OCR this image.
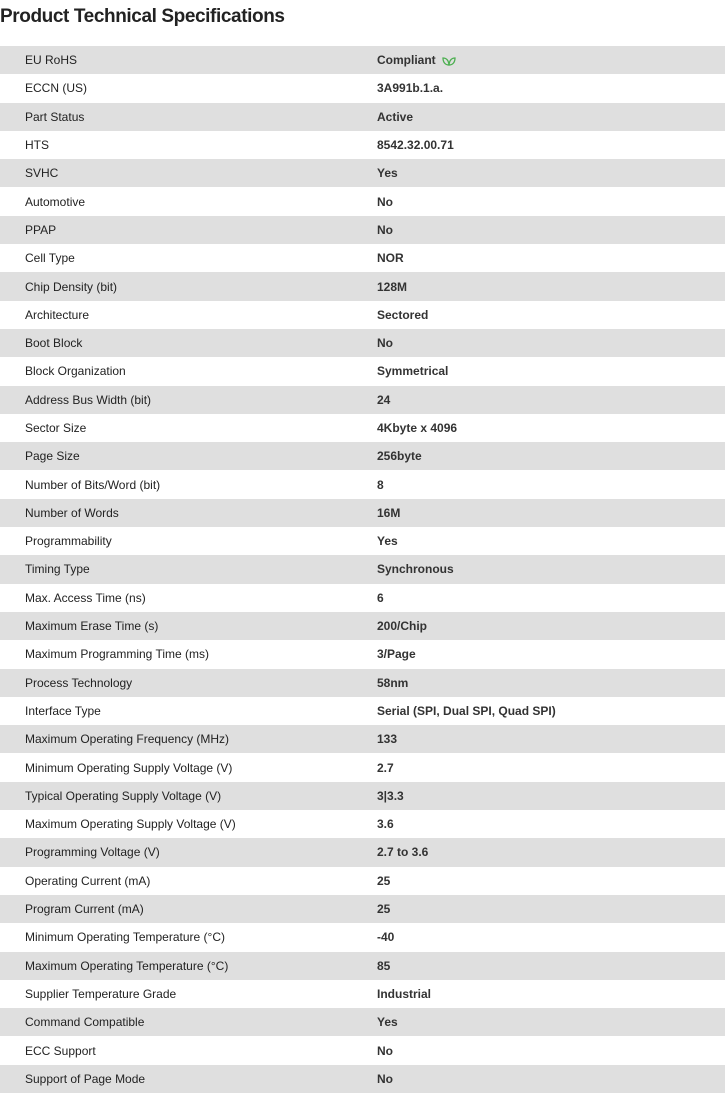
Product Technical Specifications
EU RoHS	Compliant
ECCN (US)	3A991b.1.a.
Part Status	Active
HTS	8542.32.00.71
SVHC	Yes
Automotive	No
PPAP	No
Cell Type	NOR
Chip Density (bit)	128M
Architecture	Sectored
Boot Block	No
Block Organization	Symmetrical
Address Bus Width (bit)	24
Sector Size	4Kbyte x 4096
Page Size	256byte
Number of Bits/Word (bit)	8
Number of Words	16M
Programmability	Yes
Timing Type	Synchronous
Max. Access Time (ns)	6
Maximum Erase Time (s)	200/Chip
Maximum Programming Time (ms)	3/Page
Process Technology	58nm
Interface Type	Serial (SPI, Dual SPI, Quad SPI)
Maximum Operating Frequency (MHz)	133
Minimum Operating Supply Voltage (V)	2.7
Typical Operating Supply Voltage (V)	3|3.3
Maximum Operating Supply Voltage (V)	3.6
Programming Voltage (V)	2.7 to 3.6
Operating Current (mA)	25
Program Current (mA)	25
Minimum Operating Temperature (°C)	-40
Maximum Operating Temperature (°C)	85
Supplier Temperature Grade	Industrial
Command Compatible	Yes
ECC Support	No
Support of Page Mode	No
